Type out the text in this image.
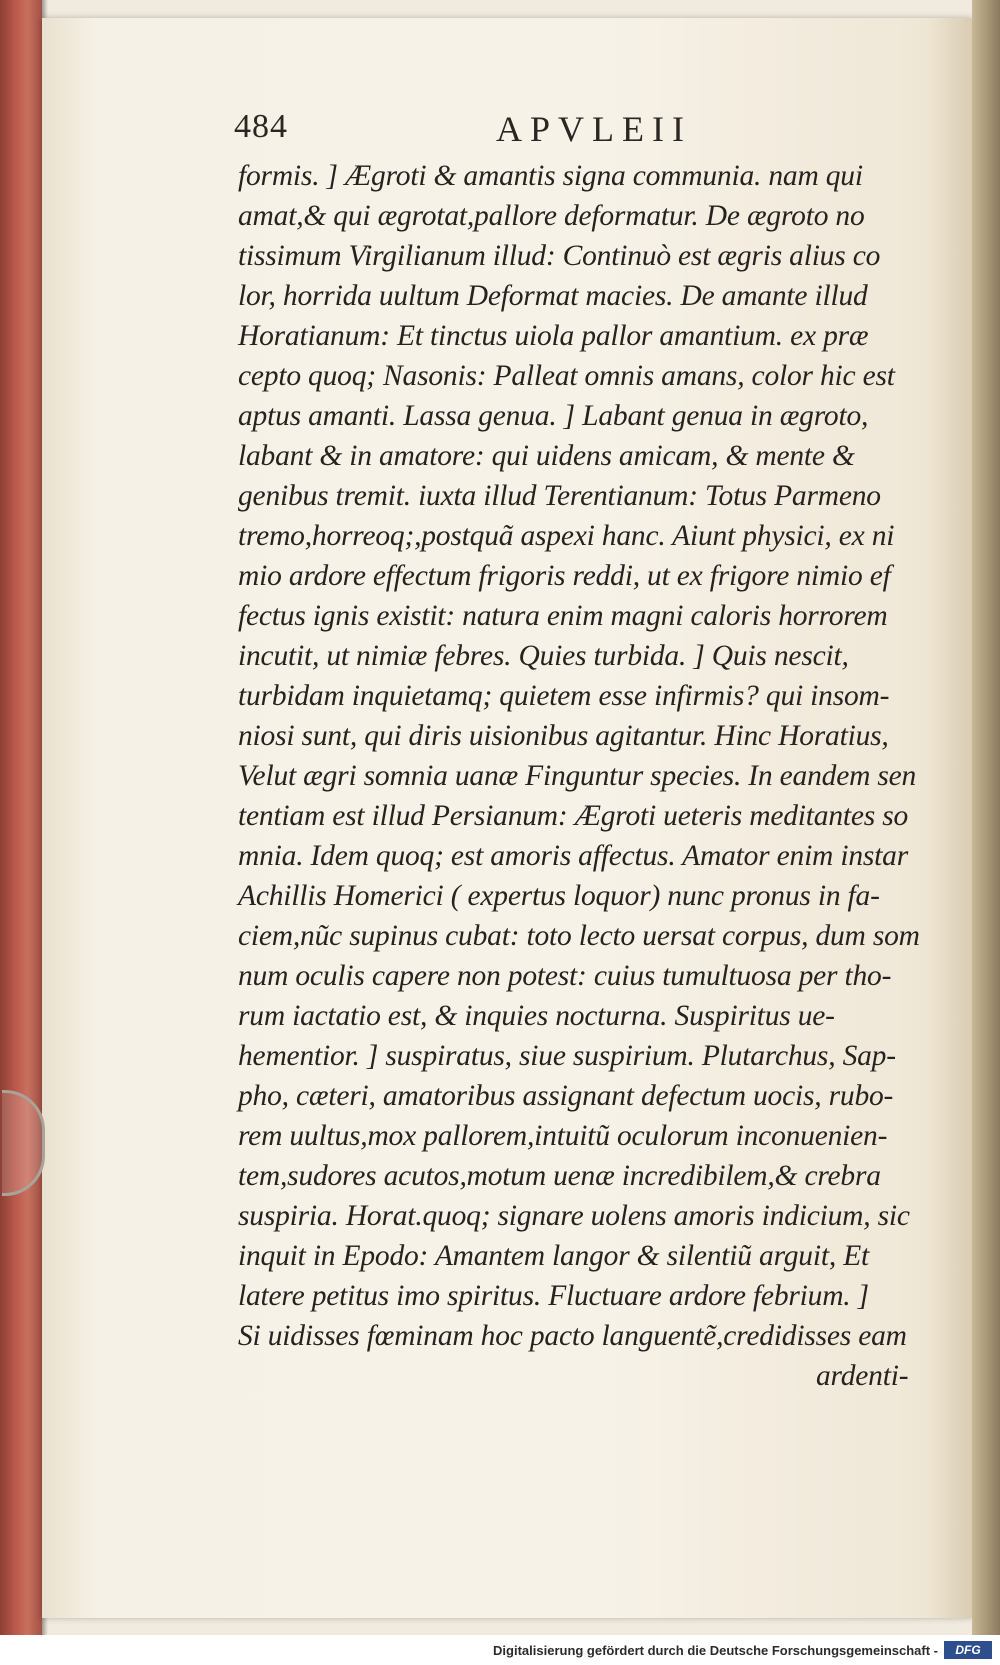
484	APVLEII
formis. ] Ægroti & amantis signa communia. nam qui
amat,& qui ægrotat,pallore deformatur. De ægroto no
tissimum Virgilianum illud: Continuò est ægris alius co
lor, horrida uultum Deformat macies. De amante illud
Horatianum: Et tinctus uiola pallor amantium. ex præ
cepto quoq; Nasonis: Palleat omnis amans, color hic est
aptus amanti. Lassa genua. ] Labant genua in ægroto,
labant & in amatore: qui uidens amicam, & mente &
genibus tremit. iuxta illud Terentianum: Totus Parmeno
tremo,horreoq;,postquã aspexi hanc. Aiunt physici, ex ni
mio ardore effectum frigoris reddi, ut ex frigore nimio ef
fectus ignis existit: natura enim magni caloris horrorem
incutit, ut nimiæ febres. Quies turbida. ] Quis nescit,
turbidam inquietamq; quietem esse infirmis? qui insom-
niosi sunt, qui diris uisionibus agitantur. Hinc Horatius,
Velut ægri somnia uanæ Finguntur species. In eandem sen
tentiam est illud Persianum: Ægroti ueteris meditantes so
mnia. Idem quoq; est amoris affectus. Amator enim instar
Achillis Homerici ( expertus loquor) nunc pronus in fa-
ciem,nũc supinus cubat: toto lecto uersat corpus, dum som
num oculis capere non potest: cuius tumultuosa per tho-
rum iactatio est, & inquies nocturna. Suspiritus ue-
hementior. ] suspiratus, siue suspirium. Plutarchus, Sap-
pho, cæteri, amatoribus assignant defectum uocis, rubo-
rem uultus,mox pallorem,intuitũ oculorum inconuenien-
tem,sudores acutos,motum uenæ incredibilem,& crebra
suspiria. Horat.quoq; signare uolens amoris indicium, sic
inquit in Epodo: Amantem langor & silentiũ arguit, Et
latere petitus imo spiritus. Fluctuare ardore febrium. ]
Si uidisses fœminam hoc pacto languentẽ,credidisses eam
ardenti-
Digitalisierung gefördert durch die Deutsche Forschungsgemeinschaft -	DFG
